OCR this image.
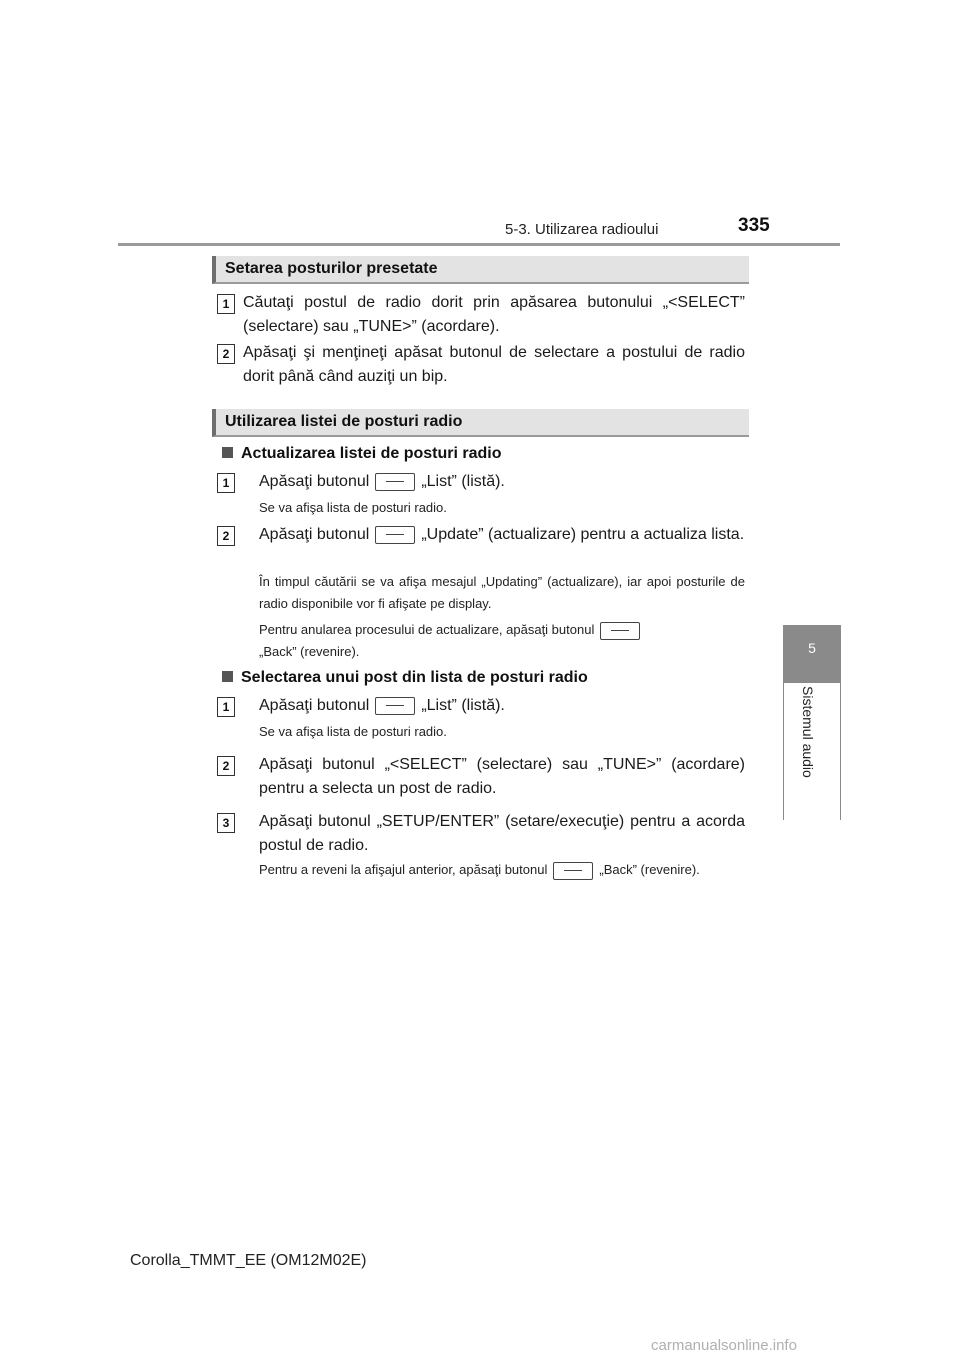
5-3. Utilizarea radioului	335
5
Sistemul audio
Setarea posturilor presetate
1 Căutaţi postul de radio dorit prin apăsarea butonului „<SELECT” (selectare) sau „TUNE>” (acordare).
2 Apăsaţi şi menţineţi apăsat butonul de selectare a postului de radio dorit până când auziţi un bip.
Utilizarea listei de posturi radio
Actualizarea listei de posturi radio
1	Apăsaţi butonul	„List” (listă).
Se va afişa lista de posturi radio.
2	Apăsaţi butonul	„Update” (actualizare) pentru a actualiza lista.
În timpul căutării se va afişa mesajul „Updating” (actualizare), iar apoi posturile de radio disponibile vor fi afişate pe display.
Pentru anularea procesului de actualizare, apăsaţi butonul
„Back” (revenire).
Selectarea unui post din lista de posturi radio
1	Apăsaţi butonul	„List” (listă).
Se va afişa lista de posturi radio.
2	Apăsaţi butonul „<SELECT” (selectare) sau „TUNE>” (acordare) pentru a selecta un post de radio.
3	Apăsaţi butonul „SETUP/ENTER” (setare/execuţie) pentru a acorda postul de radio.
Pentru a reveni la afişajul anterior, apăsaţi butonul	„Back” (revenire).
Corolla_TMMT_EE (OM12M02E)
carmanualsonline.info
